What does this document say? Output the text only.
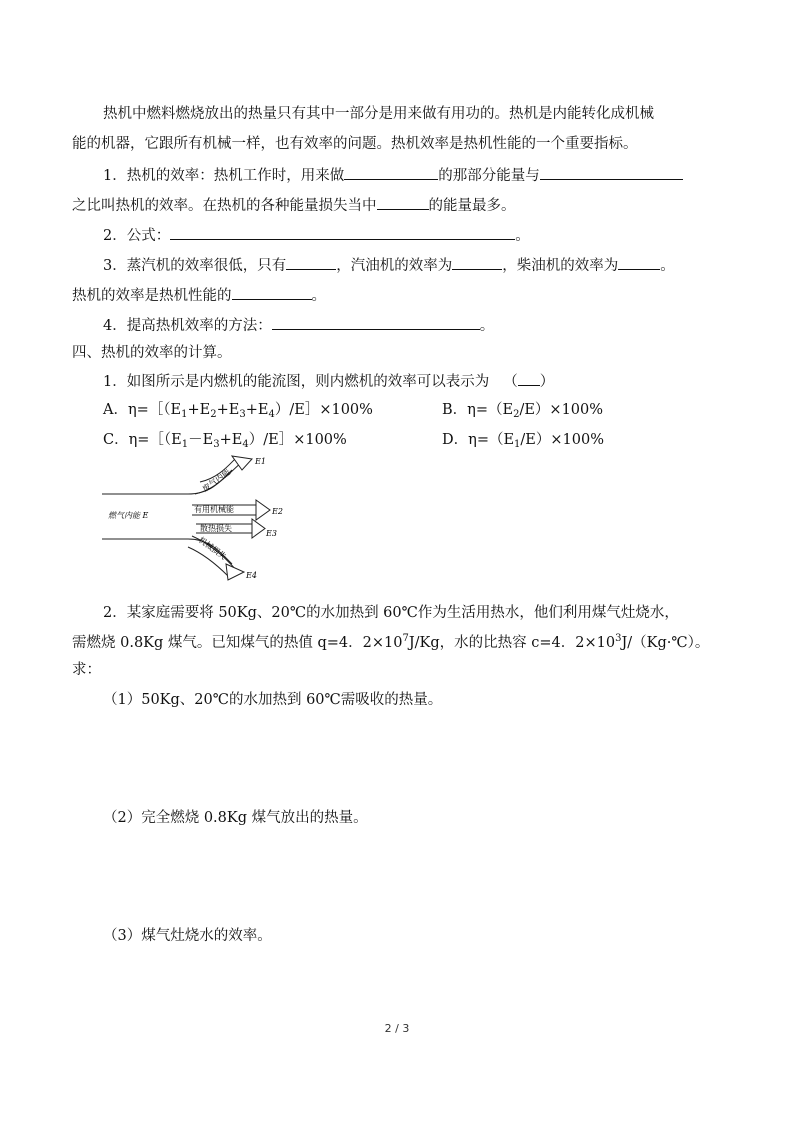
热机中燃料燃烧放出的热量只有其中一部分是用来做有用功的。热机是内能转化成机械
能的机器，它跟所有机械一样，也有效率的问题。热机效率是热机性能的一个重要指标。
1．热机的效率：热机工作时，用来做	的那部分能量与
之比叫热机的效率。在热机的各种能量损失当中	的能量最多。
2．公式：	。
3．蒸汽机的效率很低，只有	，汽油机的效率为	，柴油机的效率为	。
热机的效率是热机性能的	。
4．提高热机效率的方法：	。
四、热机的效率的计算。
1．如图所示是内燃机的能流图，则内燃机的效率可以表示为 （ ）
A．$\eta=[(E_1+E_2+E_3+E_4)/E]\times 100\%$	B．$\eta=(E_2/E)\times 100\%$
C．$\eta=[(E_1-E_3+E_4)/E]\times 100\%$	D．$\eta=(E_1/E)\times 100\%$
燃气内能 E
废气内能
有用机械能
散热损失
机械损失
E1
E2
E3
E4
2．某家庭需要将 50Kg、20℃的水加热到 60℃作为生活用热水，他们利用煤气灶烧水，
需燃烧 0.8Kg 煤气。已知煤气的热值 q=4．$2\times 10^7J/Kg$，水的比热容 c=4．$2\times 10^3J/(Kg\cdot℃)$。
求：
（1）50Kg、20℃的水加热到 60℃需吸收的热量。
（2）完全燃烧 0.8Kg 煤气放出的热量。
（3）煤气灶烧水的效率。
2 / 3
